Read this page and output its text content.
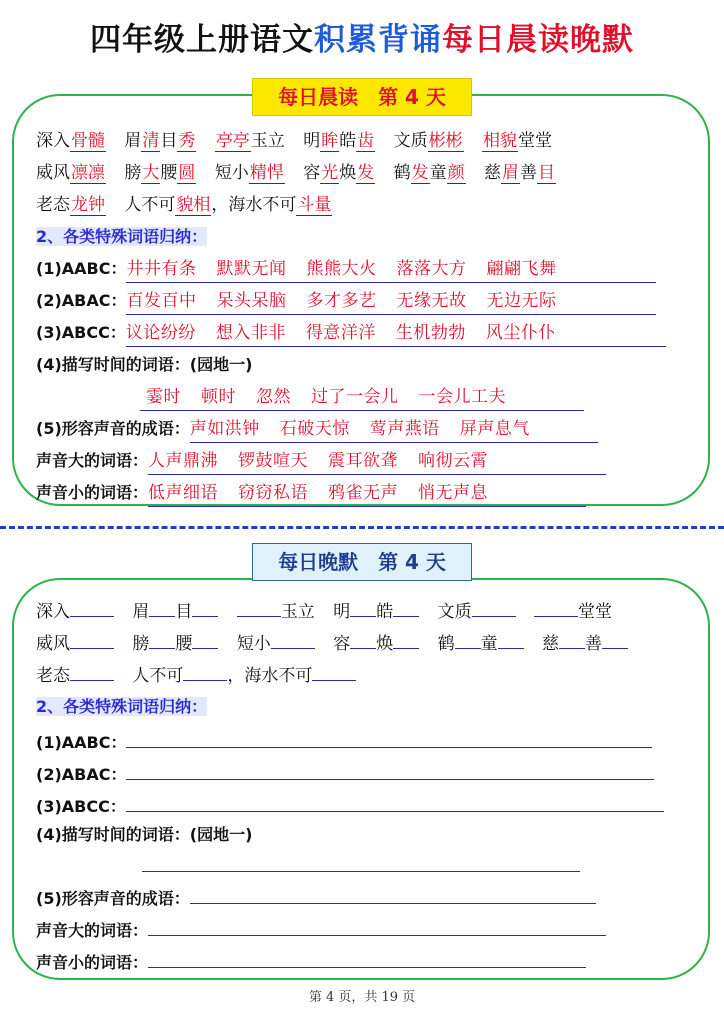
四年级上册语文积累背诵每日晨读晚默
每日晨读　第 4 天
深入骨髓 眉清目秀 亭亭玉立 明眸皓齿 文质彬彬 相貌堂堂
威风凛凛 膀大腰圆 短小精悍 容光焕发 鹤发童颜 慈眉善目
老态龙钟 人不可貌相，海水不可斗量
2、各类特殊词语归纳：
(1)AABC：井井有条 默默无闻 熊熊大火 落落大方 翩翩飞舞
(2)ABAC：百发百中 呆头呆脑 多才多艺 无缘无故 无边无际
(3)ABCC：议论纷纷 想入非非 得意洋洋 生机勃勃 风尘仆仆
(4)描写时间的词语：(园地一)
霎时 顿时 忽然 过了一会儿 一会儿工夫
(5)形容声音的成语：声如洪钟 石破天惊 莺声燕语 屏声息气
声音大的词语：人声鼎沸 锣鼓喧天 震耳欲聋 响彻云霄
声音小的词语：低声细语 窃窃私语 鸦雀无声 悄无声息
每日晚默　第 4 天
深入	眉 目	玉立 明 皓	文质	堂堂
威风	膀 腰	短小	容 焕	鹤 童	慈 善
老态	人不可	，海水不可
2、各类特殊词语归纳：
(1)AABC：
(2)ABAC：
(3)ABCC：
(4)描写时间的词语：(园地一)
(5)形容声音的成语：
声音大的词语：
声音小的词语：
第 4 页，共 19 页
